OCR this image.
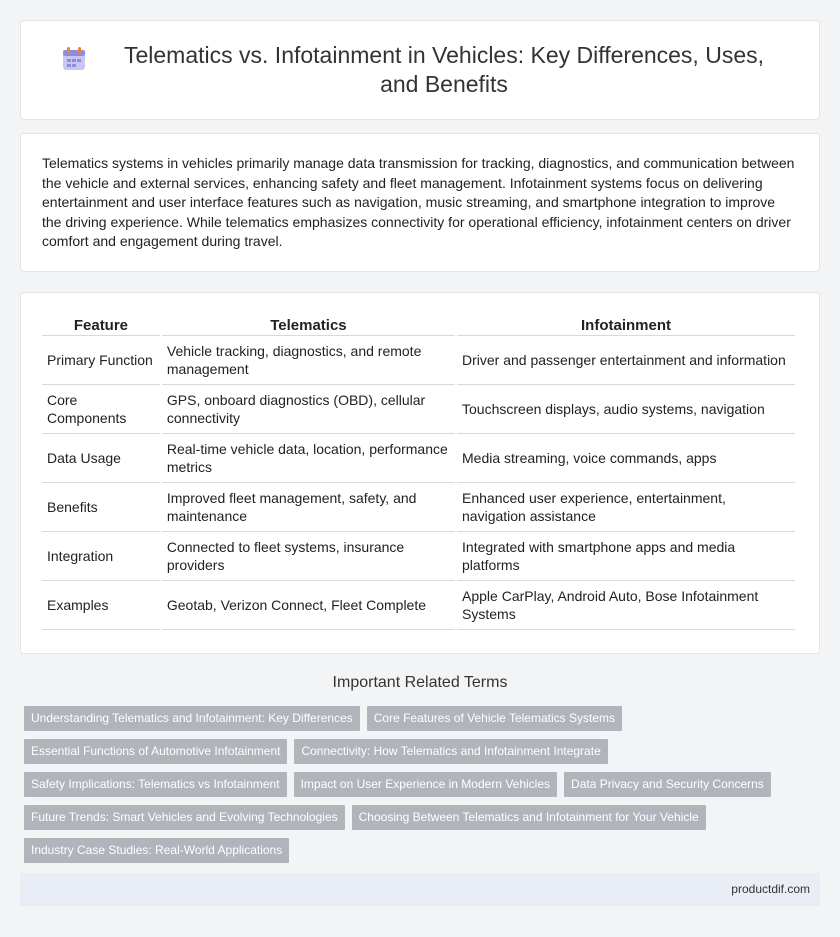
Telematics vs. Infotainment in Vehicles: Key Differences, Uses, and Benefits

Telematics systems in vehicles primarily manage data transmission for tracking, diagnostics, and communication between the vehicle and external services, enhancing safety and fleet management. Infotainment systems focus on delivering entertainment and user interface features such as navigation, music streaming, and smartphone integration to improve the driving experience. While telematics emphasizes connectivity for operational efficiency, infotainment centers on driver comfort and engagement during travel.

Feature	Telematics	Infotainment
Primary Function	Vehicle tracking, diagnostics, and remote management	Driver and passenger entertainment and information
Core Components	GPS, onboard diagnostics (OBD), cellular connectivity	Touchscreen displays, audio systems, navigation
Data Usage	Real-time vehicle data, location, performance metrics	Media streaming, voice commands, apps
Benefits	Improved fleet management, safety, and maintenance	Enhanced user experience, entertainment, navigation assistance
Integration	Connected to fleet systems, insurance providers	Integrated with smartphone apps and media platforms
Examples	Geotab, Verizon Connect, Fleet Complete	Apple CarPlay, Android Auto, Bose Infotainment Systems
Important Related Terms
Understanding Telematics and Infotainment: Key Differences	Core Features of Vehicle Telematics Systems
Essential Functions of Automotive Infotainment	Connectivity: How Telematics and Infotainment Integrate
Safety Implications: Telematics vs Infotainment	Impact on User Experience in Modern Vehicles	Data Privacy and Security Concerns
Future Trends: Smart Vehicles and Evolving Technologies	Choosing Between Telematics and Infotainment for Your Vehicle
Industry Case Studies: Real-World Applications
productdif.com
